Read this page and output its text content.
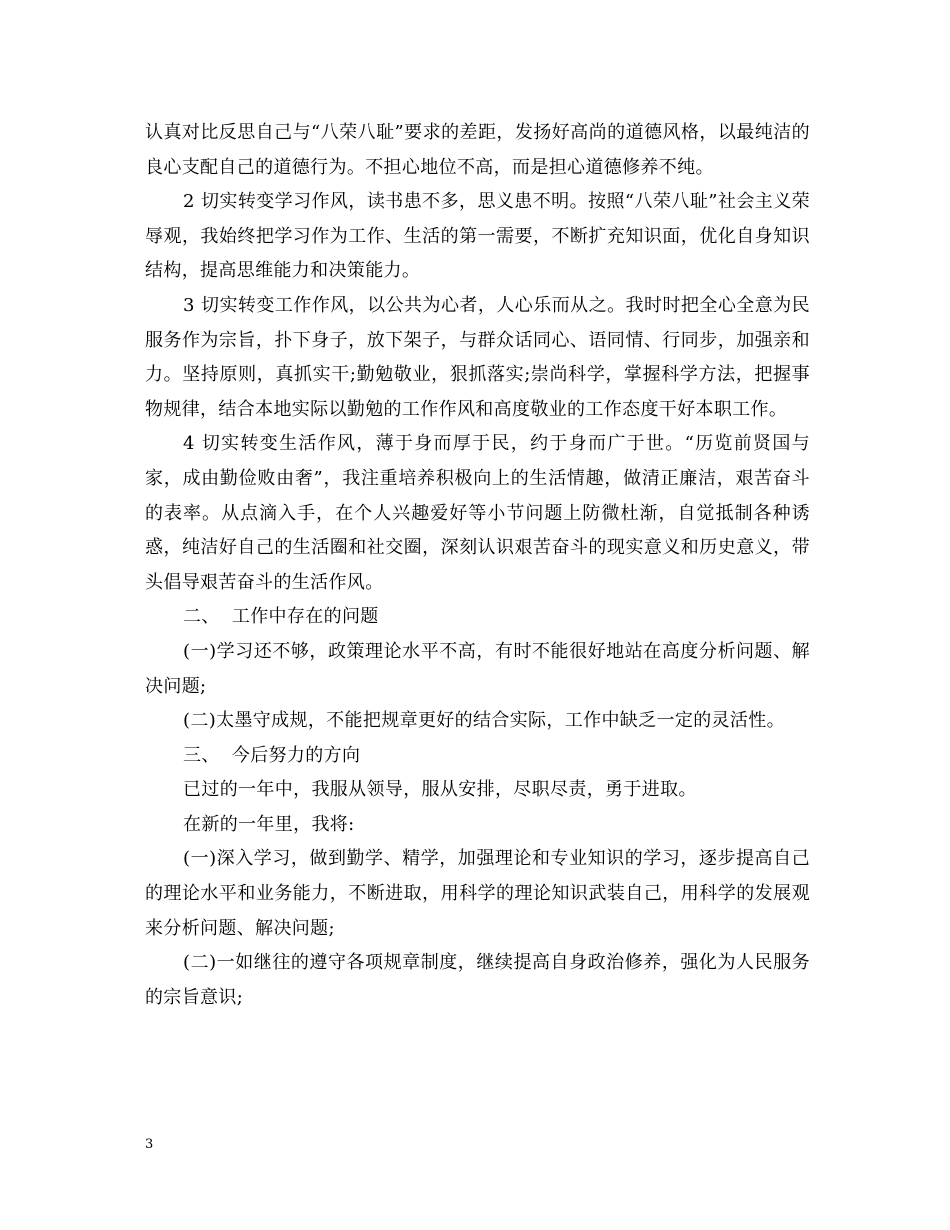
认真对比反思自己与“八荣八耻”要求的差距，发扬好高尚的道德风格，以最纯洁的良心支配自己的道德行为。不担心地位不高，而是担心道德修养不纯。

2 切实转变学习作风，读书患不多，思义患不明。按照“八荣八耻”社会主义荣辱观，我始终把学习作为工作、生活的第一需要，不断扩充知识面，优化自身知识结构，提高思维能力和决策能力。

3 切实转变工作作风，以公共为心者，人心乐而从之。我时时把全心全意为民服务作为宗旨，扑下身子，放下架子，与群众话同心、语同情、行同步，加强亲和力。坚持原则，真抓实干;勤勉敬业，狠抓落实;崇尚科学，掌握科学方法，把握事物规律，结合本地实际以勤勉的工作作风和高度敬业的工作态度干好本职工作。

4 切实转变生活作风，薄于身而厚于民，约于身而广于世。“历览前贤国与家，成由勤俭败由奢”，我注重培养积极向上的生活情趣，做清正廉洁，艰苦奋斗的表率。从点滴入手，在个人兴趣爱好等小节问题上防微杜渐，自觉抵制各种诱惑，纯洁好自己的生活圈和社交圈，深刻认识艰苦奋斗的现实意义和历史意义，带头倡导艰苦奋斗的生活作风。

二、  工作中存在的问题

(一)学习还不够，政策理论水平不高，有时不能很好地站在高度分析问题、解决问题;

(二)太墨守成规，不能把规章更好的结合实际，工作中缺乏一定的灵活性。

三、  今后努力的方向

已过的一年中，我服从领导，服从安排，尽职尽责，勇于进取。

在新的一年里，我将:

(一)深入学习，做到勤学、精学，加强理论和专业知识的学习，逐步提高自己的理论水平和业务能力，不断进取，用科学的理论知识武装自己，用科学的发展观来分析问题、解决问题;

(二)一如继往的遵守各项规章制度，继续提高自身政治修养，强化为人民服务的宗旨意识;

3
